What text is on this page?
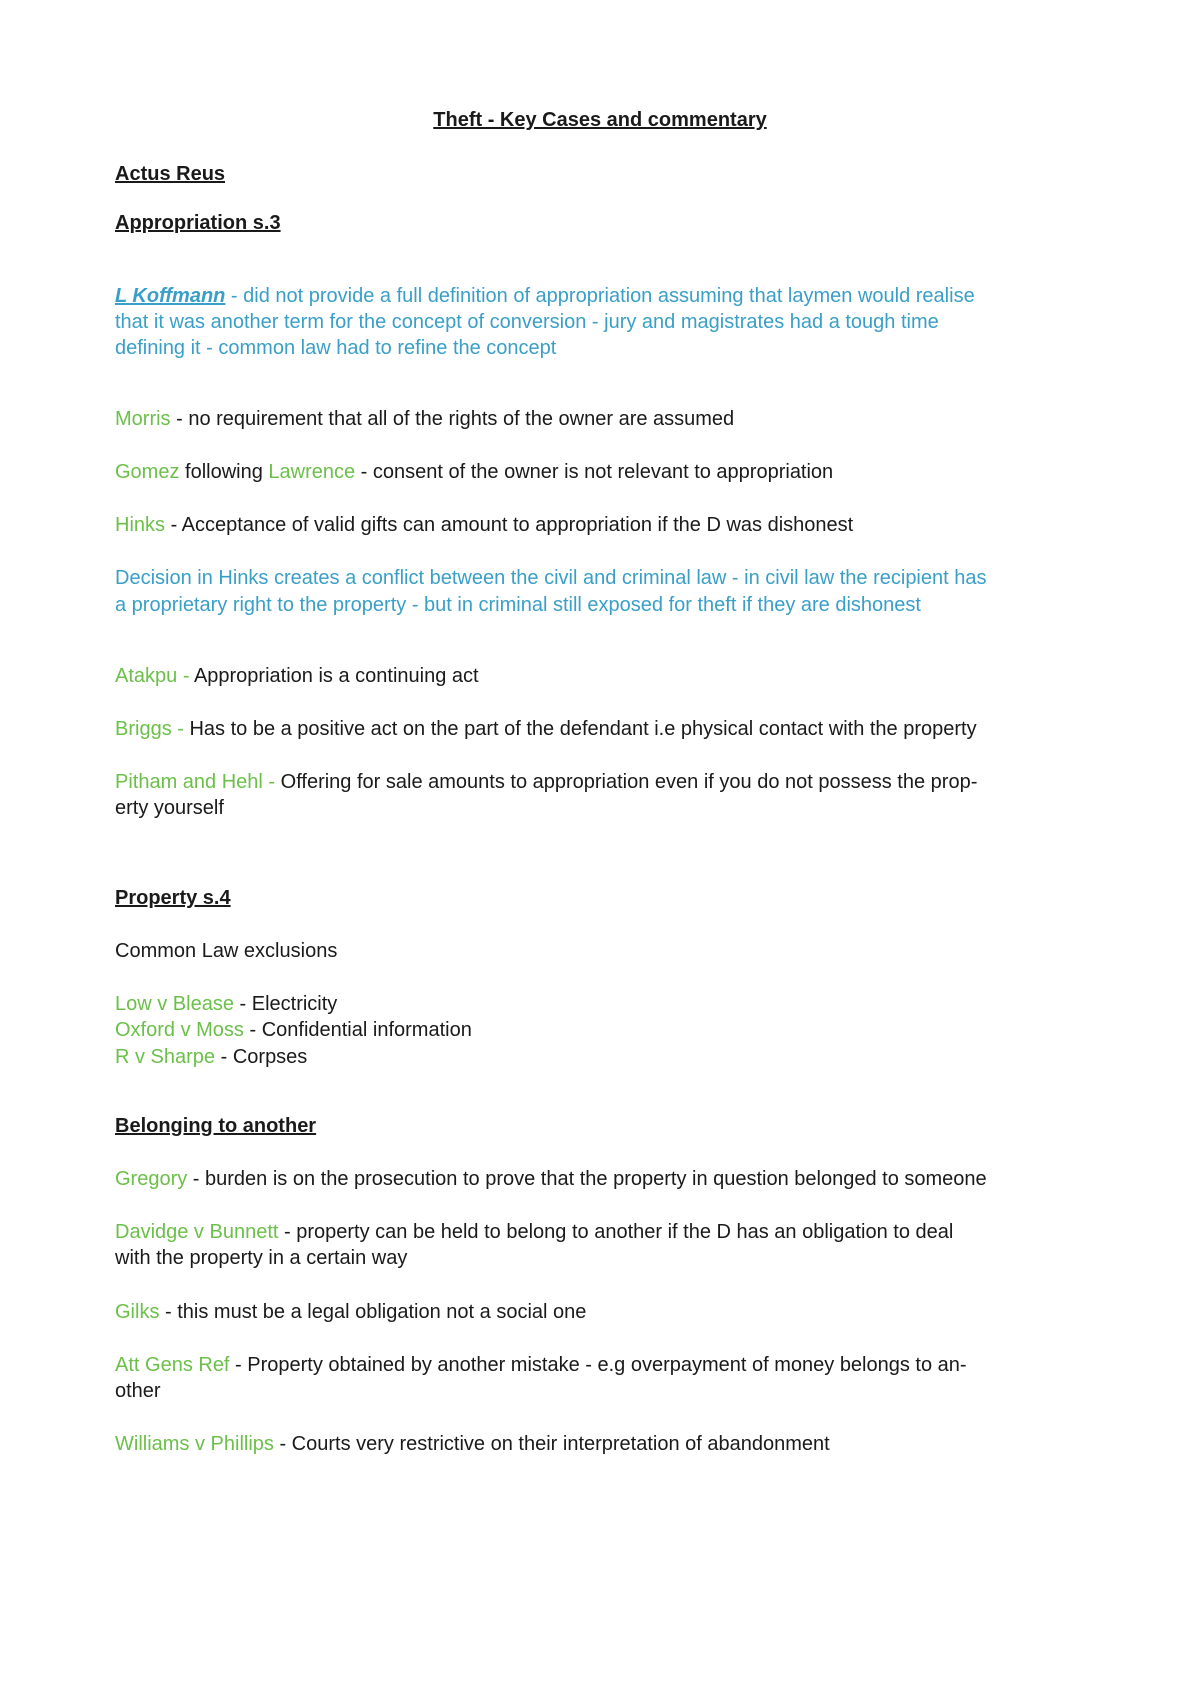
Theft - Key Cases and commentary
Actus Reus
Appropriation s.3
L Koffmann - did not provide a full definition of appropriation assuming that laymen would realise
that it was another term for the concept of conversion - jury and magistrates had a tough time
defining it - common law had to refine the concept
Morris - no requirement that all of the rights of the owner are assumed
Gomez following Lawrence - consent of the owner is not relevant to appropriation
Hinks - Acceptance of valid gifts can amount to appropriation if the D was dishonest
Decision in Hinks creates a conflict between the civil and criminal law - in civil law the recipient has
a proprietary right to the property - but in criminal still exposed for theft if they are dishonest
Atakpu - Appropriation is a continuing act
Briggs - Has to be a positive act on the part of the defendant i.e physical contact with the property
Pitham and Hehl - Offering for sale amounts to appropriation even if you do not possess the prop-
erty yourself
Property s.4
Common Law exclusions
Low v Blease - Electricity
Oxford v Moss - Confidential information
R v Sharpe - Corpses
Belonging to another
Gregory - burden is on the prosecution to prove that the property in question belonged to someone
Davidge v Bunnett - property can be held to belong to another if the D has an obligation to deal
with the property in a certain way
Gilks - this must be a legal obligation not a social one
Att Gens Ref - Property obtained by another mistake - e.g overpayment of money belongs to an-
other
Williams v Phillips - Courts very restrictive on their interpretation of abandonment
